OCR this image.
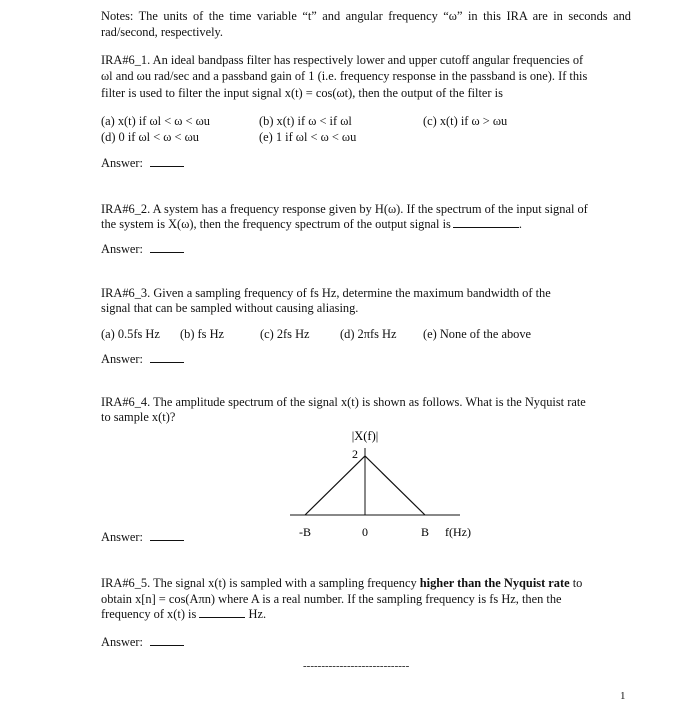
Notes: The units of the time variable “t” and angular frequency “ω” in this IRA are in seconds and rad/second, respectively.
IRA#6_1. An ideal bandpass filter has respectively lower and upper cutoff angular frequencies of
ωl and ωu rad/sec and a passband gain of 1 (i.e. frequency response in the passband is one). If this
filter is used to filter the input signal x(t) = cos(ωt), then the output of the filter is
(a) x(t) if ωl < ω < ωu	(b) x(t) if ω < if ωl	(c) x(t) if ω > ωu
(d) 0 if ωl < ω < ωu	(e) 1 if ωl < ω < ωu
Answer:
IRA#6_2. A system has a frequency response given by H(ω). If the spectrum of the input signal of
the system is X(ω), then the frequency spectrum of the output signal is	.
Answer:
IRA#6_3. Given a sampling frequency of fs Hz, determine the maximum bandwidth of the
signal that can be sampled without causing aliasing.
(a) 0.5fs Hz (b) fs Hz	(c) 2fs Hz (d) 2πfs Hz (e) None of the above
Answer:
IRA#6_4. The amplitude spectrum of the signal x(t) is shown as follows. What is the Nyquist rate
to sample x(t)?
|X(f)|
2
-B	0	B f(Hz)
Answer:
IRA#6_5. The signal x(t) is sampled with a sampling frequency higher than the Nyquist rate to
obtain x[n] = cos(Aπn) where A is a real number. If the sampling frequency is fs Hz, then the
frequency of x(t) is	Hz.
Answer:
-----------------------------
1
